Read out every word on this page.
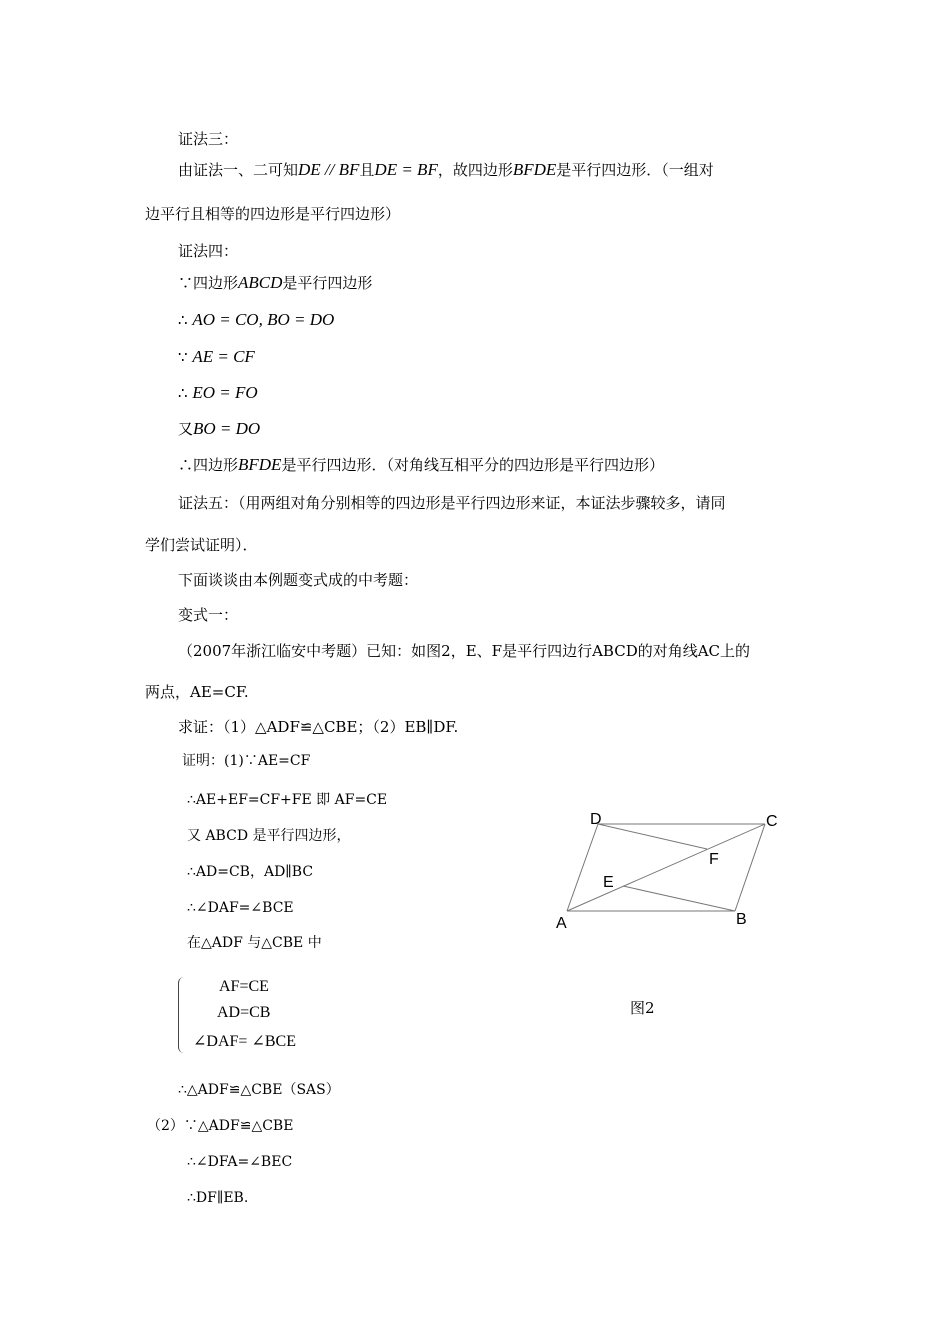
证法三：
由证法一、二可知DE // BF且DE = BF，故四边形BFDE是平行四边形．（一组对
边平行且相等的四边形是平行四边形）
证法四：
∵四边形ABCD是平行四边形
∴ AO = CO, BO = DO
∵ AE = CF
∴ EO = FO
又BO = DO
∴四边形BFDE是平行四边形．（对角线互相平分的四边形是平行四边形）
证法五：（用两组对角分别相等的四边形是平行四边形来证，本证法步骤较多，请同
学们尝试证明）．
下面谈谈由本例题变式成的中考题：
变式一：
（2007年浙江临安中考题）已知：如图2，E、F是平行四边行ABCD的对角线AC上的
两点，AE=CF.
求证：（1）△ADF≌△CBE；（2）EB∥DF.
证明：(1)∵AE=CF
∴AE+EF=CF+FE 即 AF=CE
又 ABCD 是平行四边形，
∴AD=CB，AD∥BC
∴∠DAF=∠BCE
在△ADF 与△CBE 中
AF=CE
AD=CB
∠DAF= ∠BCE
∴△ADF≌△CBE（SAS）
（2）∵△ADF≌△CBE
∴∠DFA=∠BEC
∴DF∥EB.
D	C
F
E
A	B
图2
